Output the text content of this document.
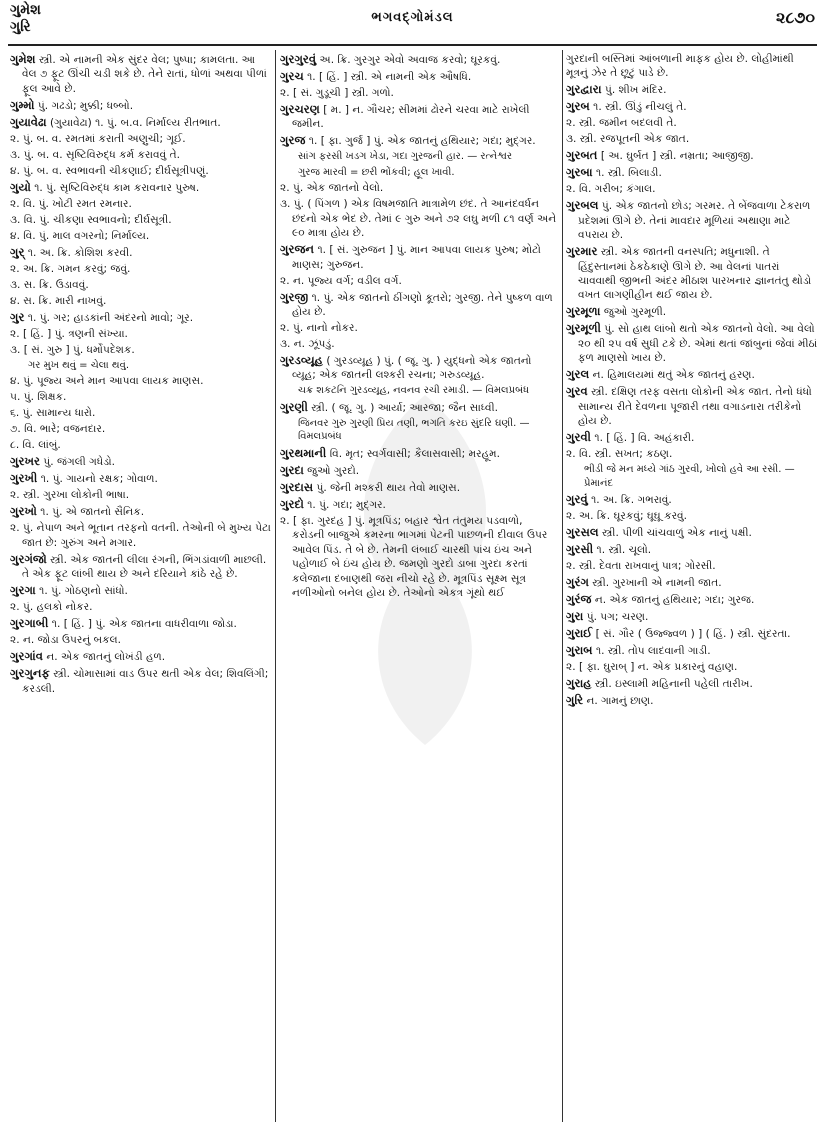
ગુમેશ
ગુરિ
ભગવદ્ગોમંડલ	૨૮૭૦
ગુમેશ સ્ત્રી. એ નામની એક સુંદર વેલ; પુષ્પા; કામલતા. આ વેલ ૭ ફૂટ ઊંચી ચડી શકે છે. તેને રાતાં, ધોળાં અથવા પીળાં ફૂલ આવે છે.
ગુમ્મો પું. ગઢડો; મુક્કી; ધબ્બો.
ગુયાવેઢા (ગુયાવેઢા) ૧. પું. બ.વ. નિર્માલ્ય રીતભાત.
૨. પું. બ. વ. રમતમાં કરાતી અણુચી; ગૂઈ.
૩. પું. બ. વ. સૃષ્ટિવિરુદ્ધ કર્મ કરાવવું તે.
૪. પું. બ. વ. સ્વભાવની ચીકણાઈ; દીર્ઘસૂત્રીપણું.
ગુયો ૧. પું. સૃષ્ટિવિરુદ્ધ કામ કરાવનાર પુરુષ.
૨. વિ. પું. ખોટી રમત રમનાર.
૩. વિ. પું. ચીકણા સ્વભાવનો; દીર્ઘસૂત્રી.
૪. વિ. પું. માલ વગરનો; નિર્માલ્ય.
ગુર્ ૧. અ. ક્રિ. કોશિશ કરવી.
૨. અ. ક્રિ. ગમન કરવું; જવું.
૩. સ. ક્રિ. ઉડાવવું.
૪. સ. ક્રિ. મારી નાખવું.
ગુર ૧. પું. ગર; હાડકાંની અંદરનો માવો; ગૂર.
૨. [ હિં. ] પું. ત્રણની સંખ્યા.
૩. [ સં. ગુરુ ] પું. ધર્મોપદેશક.
ગર મુખ થવું = ચેલા થવું.
૪. પું. પૂજ્ય અને માન આપવા લાયક માણસ.
૫. પું. શિક્ષક.
૬. પું. સામાન્ય ધારો.
૭. વિ. ભારે; વજનદાર.
૮. વિ. લાંબું.
ગુરખર પું. જંગલી ગધેડો.
ગુરખી ૧. પું. ગાયનો રક્ષક; ગોવાળ.
૨. સ્ત્રી. ગુરખા લોકોની ભાષા.
ગુરખો ૧. પું. એ જાતનો સૈનિક.
૨. પું. નેપાળ અને ભૂતાન તરફનો વતની. તેઓની બે મુખ્ય પેટા જાત છે: ગુરુંગ અને મગાર.
ગુરગંજો સ્ત્રી. એક જાતની લીલા રંગની, ભિંગડાંવાળી માછલી. તે એક ફૂટ લાંબી થાય છે અને દરિયાને કાંઠે રહે છે.
ગુરગા ૧. પું. ગોઠણનો સાંધો.
૨. પું. હલકો નોકર.
ગુરગાબી ૧. [ હિં. ] પું. એક જાતના વાધરીવાળા જોડા.
૨. ન. જોડા ઉપરનું બકલ.
ગુરગાંવ ન. એક જાતનું લોખંડી હળ.
ગુરગુનફ સ્ત્રી. ચોમાસામાં વાડ ઉપર થતી એક વેલ; શિવલિંગી; કરડલી.
ગુરગુરવું અ. ક્રિ. ગુરગુર એવો અવાજ કરવો; ઘૂરકવું.
ગુરચ ૧. [ હિં. ] સ્ત્રી. એ નામની એક ઔષધિ.
૨. [ સં. ગુડૂચી ] સ્ત્રી. ગળો.
ગુરચરણ [ મ. ] ન. ગૌચર; સીમમાં ઢોરને ચરવા માટે રાખેલી જમીન.
ગુરજ ૧. [ ફા. ગુર્જ ] પું. એક જાતનું હથિયાર; ગદા; મુદ્ગર.
સાંગ ફરસી ખડગ ખેડા, ગદા ગુરજની હાર. — રત્નેશ્વર
ગુરજ મારવી = છરી ભોંકવી; હૂલ ખાવી.
૨. પું. એક જાતનો વેલો.
૩. પું. ( પિંગળ ) એક વિષમજાતિ માત્રામેળ છંદ. તે આનંદવર્ધન છંદનો એક ભેદ છે. તેમાં ૯ ગુરુ અને ૭૨ લઘુ મળી ૮૧ વર્ણ અને ૯૦ માત્રા હોય છે.
ગુરજન ૧. [ સં. ગુરુજન ] પું. માન આપવા લાયક પુરુષ; મોટો માણસ; ગુરુજન.
૨. ન. પૂજ્ય વર્ગ; વડીલ વર્ગ.
ગુરજી ૧. પું. એક જાતનો ઠીંગણો કૂતરો; ગુરજી. તેને પુષ્કળ વાળ હોય છે.
૨. પું. નાનો નોકર.
૩. ન. ઝૂંપડું.
ગુરડવ્યૂહ ( ગુરડવ્યૂહ ) પું. ( જૂ. ગુ. ) યુદ્ધનો એક જાતનો વ્યૂહ; એક જાતની લશ્કરી રચના; ગરુડવ્યૂહ.
ચક્ર શકટનિ ગુરડવ્યૂહ, નવનવ રચી રમાડી. — વિમલપ્રબંધ
ગુરણી સ્ત્રી. ( જૂ. ગુ. ) આર્યા; આરજા; જૈન સાધ્વી.
જિનવર ગુરુ ગુરણી પ્રિય તણી, ભગતિ કરઇ સુંદરિ ઘણી. — વિમલપ્રબંધ
ગુરથમાની વિ. મૃત; સ્વર્ગવાસી; કૈલાસવાસી; મરહૂમ.
ગુરદા જુઓ ગુરદો.
ગુરદાસ પું. જેની મશ્કરી થાય તેવો માણસ.
ગુરદો ૧. પું. ગદા; મુદ્ગર.
૨. [ ફા. ગુરદહ ] પું. મૂત્રપિંડ; બહાર શ્વેત તંતુમય પડવાળો, કરોડની બાજુએ કમરના ભાગમાં પેટની પાછળની દીવાલ ઉપર આવેલ પિંડ. તે બે છે. તેમની લંબાઈ ચારથી પાંચ ઇંચ અને પહોળાઈ બે ઇંચ હોય છે. જમણો ગુરદો ડાબા ગુરદા કરતાં કલેજાના દબાણથી જરા નીચો રહે છે. મૂત્રપિંડ સૂક્ષ્મ સૂત્ર નળીઓનો બનેલ હોય છે. તેઓનો એકત્ર ગૂંથો થઈ
ગુરદાની બસ્તિમાં આંબળાની માફક હોય છે. લોહીમાંથી મૂત્રનું ઝેર તે છૂટું પાડે છે.
ગુરદ્વારા પું. શીખ મંદિર.
ગુરબ ૧. સ્ત્રી. ઊંડું નીચલું તે.
૨. સ્ત્રી. જમીન બદલવી તે.
૩. સ્ત્રી. રજપૂતની એક જાત.
ગુરબત [ અ. ઘુર્બત ] સ્ત્રી. નમ્રતા; આજીજી.
ગુરબા ૧. સ્ત્રી. બિલાડી.
૨. વિ. ગરીબ; કંગાલ.
ગુરબલ પું. એક જાતનો છોડ; ગરમર. તે બેંજવાળા ટેકરાળ પ્રદેશમાં ઊગે છે. તેનાં માવદાર મૂળિયાં અથાણા માટે વપરાય છે.
ગુરમાર સ્ત્રી. એક જાતની વનસ્પતિ; મધુનાશી. તે હિંદુસ્તાનમાં ઠેકઠેકાણે ઊગે છે. આ વેલનાં પાતરાં ચાવવાથી જીભની અંદર મીઠાશ પારખનાર જ્ઞાનતંતુ થોડો વખત લાગણીહીન થઈ જાય છે.
ગુરમૂળા જુઓ ગુરમૂળી.
ગુરમૂળી પું. સો હાથ લાંબો થતો એક જાતનો વેલો. આ વેલો ૨૦ થી ૨૫ વર્ષ સુધી ટકે છે. એમાં થતાં જાંબુનાં જેવાં મીઠાં ફળ માણસો ખાય છે.
ગુરલ ન. હિમાલયમાં થતું એક જાતનું હરણ.
ગુરવ સ્ત્રી. દક્ષિણ તરફ વસતા લોકોની એક જાત. તેનો ધંધો સામાન્ય રીતે દેવળના પૂજારી તથા વગાડનારા તરીકેનો હોય છે.
ગુરવી ૧. [ હિં. ] વિ. અહંકારી.
૨. વિ. સ્ત્રી. સખત; કઠણ.
ભીડી જે મન મધ્યે ગાંઠ ગુરવી, ખોલો હવે આ રસી. — પ્રેમાનંદ
ગુરવું ૧. અ. ક્રિ. ગભરાવું.
૨. અ. ક્રિ. ઘૂરકવું; ઘૂઘૂ કરવું.
ગુરસલ સ્ત્રી. પીળી ચાંચવાળું એક નાનું પક્ષી.
ગુરસી ૧. સ્ત્રી. ચૂલો.
૨. સ્ત્રી. દેવતા રાખવાનું પાત્ર; ગોરસી.
ગુરંગ સ્ત્રી. ગુરખાની એ નામની જાત.
ગુરંજ ન. એક જાતનું હથિયાર; ગદા; ગુરજ.
ગુરા પું. પગ; ચરણ.
ગુરાઈ [ સં. ગૌર ( ઉજ્જ્વળ ) ] ( હિં. ) સ્ત્રી. સુંદરતા.
ગુરાબ ૧. સ્ત્રી. તોપ લાદવાની ગાડી.
૨. [ ફા. ઘુરાબ્ ] ન. એક પ્રકારનું વહાણ.
ગુરાહ સ્ત્રી. ઇસ્લામી મહિનાની પહેલી તારીખ.
ગુરિ ન. ગામનું છાણ.
